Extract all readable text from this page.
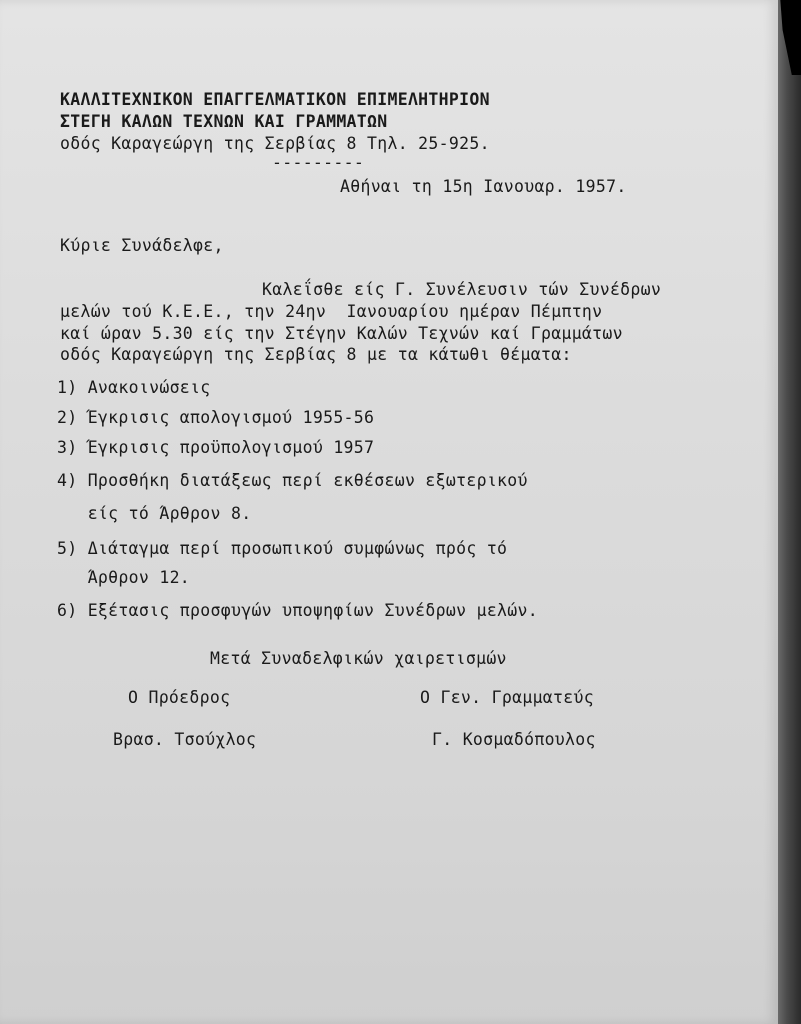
ΚΑΛΛΙΤΕΧΝΙΚΟΝ ΕΠΑΓΓΕΛΜΑΤΙΚΟΝ ΕΠΙΜΕΛΗΤΗΡΙΟΝ
ΣΤΕΓΗ ΚΑΛΩΝ ΤΕΧΝΩΝ ΚΑΙ ΓΡΑΜΜΑΤΩΝ
οδός Καραγεώργη της Σερβίας 8 Τηλ. 25-925.
---------
Αθήναι τη 15η Ιανουαρ. 1957.
Κύριε Συνάδελφε,
Καλεΐσθε είς Γ. Συνέλευσιν τών Συνέδρων
μελών τού Κ.Ε.Ε., την 24ην  Ιανουαρίου ημέραν Πέμπτην
καί ώραν 5.30 είς την Στέγην Καλών Τεχνών καί Γραμμάτων
οδός Καραγεώργη της Σερβίας 8 με τα κάτωθι θέματα:
1) Ανακοινώσεις
2) Έγκρισις απολογισμού 1955-56
3) Έγκρισις προϋπολογισμού 1957
4) Προσθήκη διατάξεως περί εκθέσεων εξωτερικού
είς τό Άρθρον 8.
5) Διάταγμα περί προσωπικού συμφώνως πρός τό
Άρθρον 12.
6) Εξέτασις προσφυγών υποψηφίων Συνέδρων μελών.
Μετά Συναδελφικών χαιρετισμών
Ο Πρόεδρος	Ο Γεν. Γραμματεύς
Βρασ. Τσούχλος	Γ. Κοσμαδόπουλος
